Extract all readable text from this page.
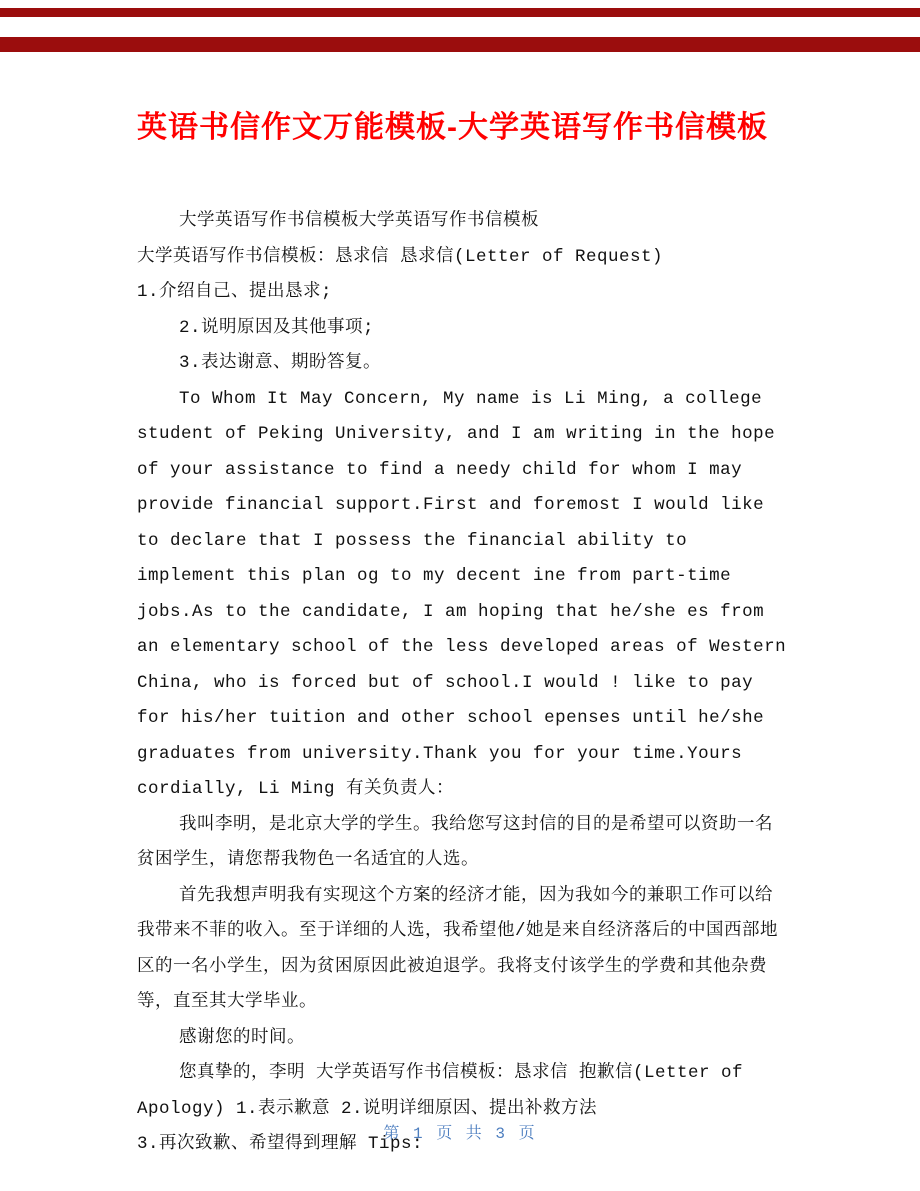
英语书信作文万能模板-大学英语写作书信模板

大学英语写作书信模板大学英语写作书信模板

大学英语写作书信模板：恳求信 恳求信(Letter of Request)

1.介绍自己、提出恳求;

2.说明原因及其他事项;

3.表达谢意、期盼答复。

To Whom It May Concern, My name is Li Ming, a college student of Peking University, and I am writing in the hope of your assistance to find a needy child for whom I may provide financial support.First and foremost I would like to declare that I possess the financial ability to implement this plan og to my decent ine from part-time jobs.As to the candidate, I am hoping that he/she es from an elementary school of the less developed areas of Western China, who is forced but of school.I would ! like to pay for his/her tuition and other school epenses until he/she graduates from university.Thank you for your time.Yours cordially, Li Ming 有关负责人：

我叫李明，是北京大学的学生。我给您写这封信的目的是希望可以资助一名贫困学生，请您帮我物色一名适宜的人选。

首先我想声明我有实现这个方案的经济才能，因为我如今的兼职工作可以给我带来不菲的收入。至于详细的人选，我希望他/她是来自经济落后的中国西部地区的一名小学生，因为贫困原因此被迫退学。我将支付该学生的学费和其他杂费等，直至其大学毕业。

感谢您的时间。

您真挚的，李明 大学英语写作书信模板：恳求信 抱歉信(Letter of Apology) 1.表示歉意 2.说明详细原因、提出补救方法

3.再次致歉、希望得到理解 Tips:

第 1 页 共 3 页
